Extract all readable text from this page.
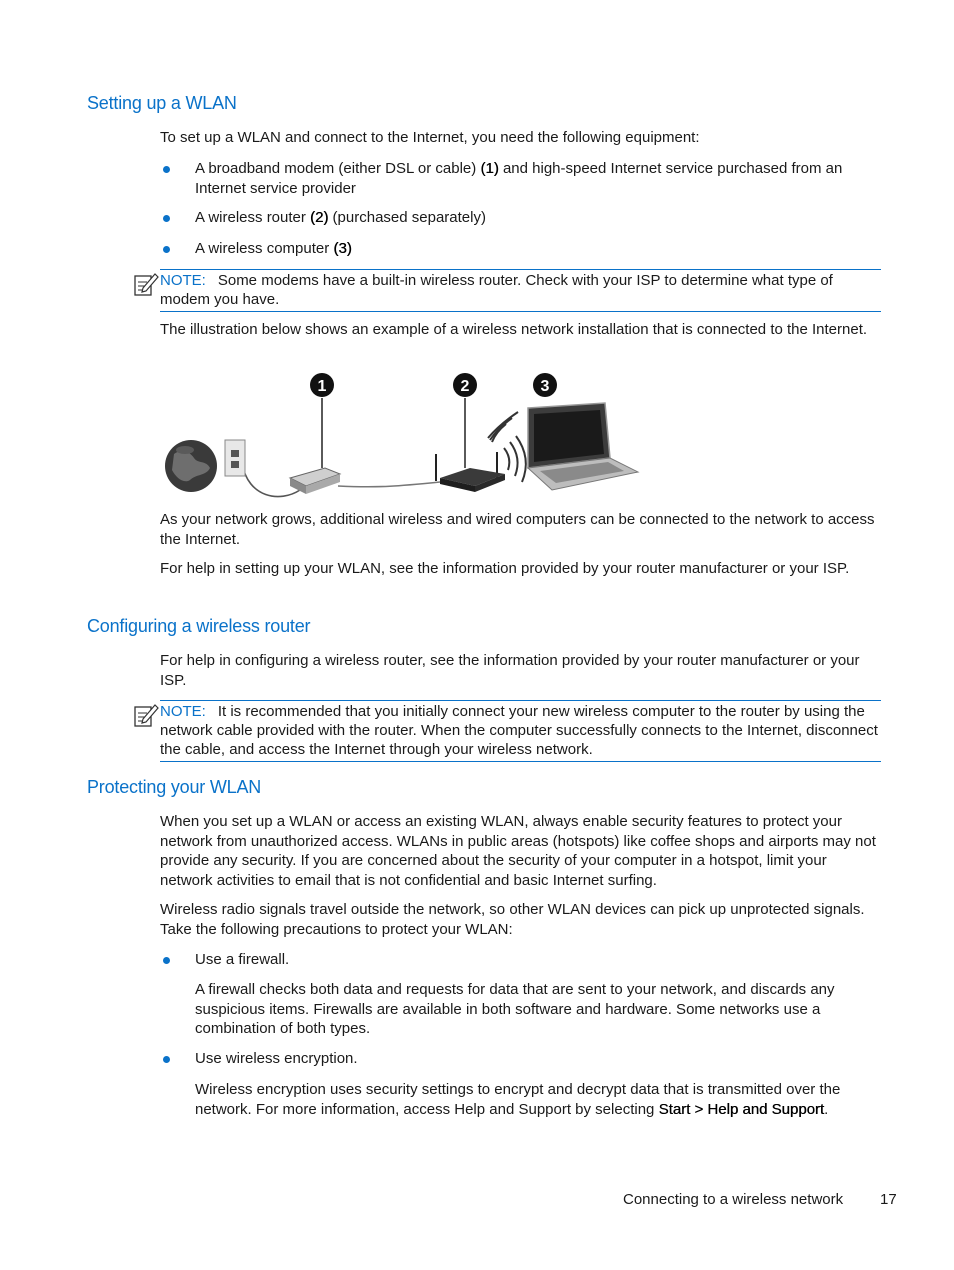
Setting up a WLAN
To set up a WLAN and connect to the Internet, you need the following equipment:
A broadband modem (either DSL or cable) (1) and high-speed Internet service purchased from an Internet service provider
A wireless router (2) (purchased separately)
A wireless computer (3)
NOTE: Some modems have a built-in wireless router. Check with your ISP to determine what type of modem you have.
The illustration below shows an example of a wireless network installation that is connected to the Internet.
1	2	3
As your network grows, additional wireless and wired computers can be connected to the network to access the Internet.
For help in setting up your WLAN, see the information provided by your router manufacturer or your ISP.
Configuring a wireless router
For help in configuring a wireless router, see the information provided by your router manufacturer or your ISP.
NOTE: It is recommended that you initially connect your new wireless computer to the router by using the network cable provided with the router. When the computer successfully connects to the Internet, disconnect the cable, and access the Internet through your wireless network.
Protecting your WLAN
When you set up a WLAN or access an existing WLAN, always enable security features to protect your network from unauthorized access. WLANs in public areas (hotspots) like coffee shops and airports may not provide any security. If you are concerned about the security of your computer in a hotspot, limit your network activities to email that is not confidential and basic Internet surfing.
Wireless radio signals travel outside the network, so other WLAN devices can pick up unprotected signals. Take the following precautions to protect your WLAN:
Use a firewall.
A firewall checks both data and requests for data that are sent to your network, and discards any suspicious items. Firewalls are available in both software and hardware. Some networks use a combination of both types.
Use wireless encryption.
Wireless encryption uses security settings to encrypt and decrypt data that is transmitted over the network. For more information, access Help and Support by selecting Start > Help and Support.
Connecting to a wireless network 17
